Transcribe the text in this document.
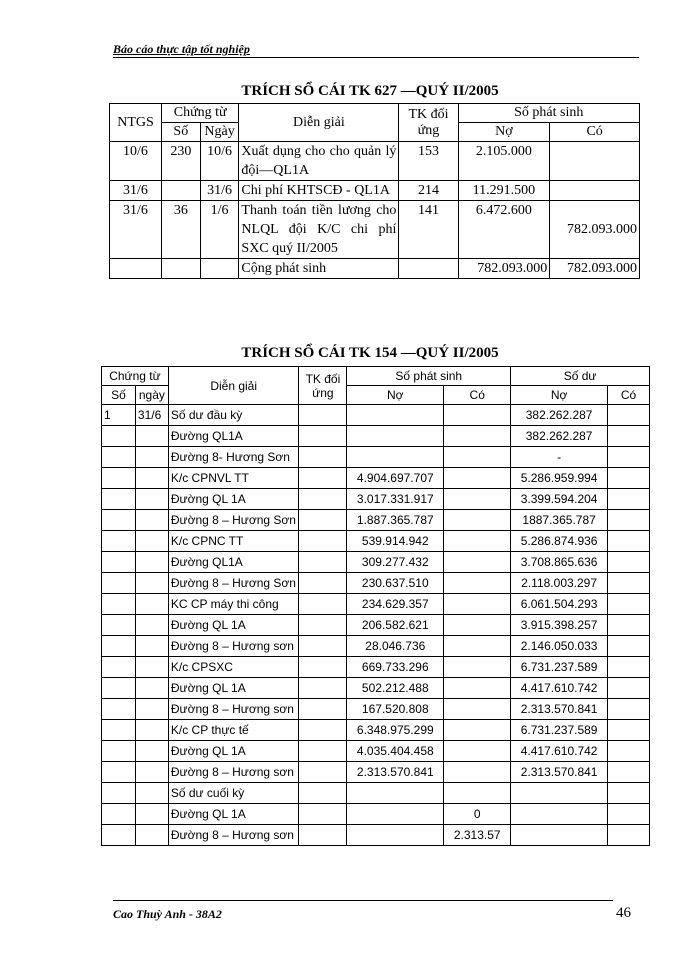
Báo cáo thực tập tốt nghiệp
TRÍCH SỔ CÁI TK 627 —QUÝ II/2005
NTGS	Chứng từ		Diễn giải	TK đối ứng	Số phát sinh	
	Số	Ngày			Nợ	Có
10/6	230	10/6	Xuất dụng cho cho quản lý đội—QL1A	153	2.105.000	
31/6		31/6	Chi phí KHTSCĐ - QL1A	214	11.291.500	
31/6	36	1/6	Thanh toán tiền lương cho NLQL đội K/C chi phí SXC quý II/2005	141	6.472.600	782.093.000
			Cộng phát sinh		782.093.000	782.093.000
TRÍCH SỔ CÁI TK 154 —QUÝ II/2005
Chứng từ		Diễn giải	TK đối ứng	Số phát sinh		Số dư	
Số	ngày			Nợ	Có	Nợ	Có
1	31/6	Số dư đầu kỳ				382.262.287	
		Đường QL1A				382.262.287	
		Đường 8- Hương Sơn				-	
		K/c CPNVL TT		4.904.697.707		5.286.959.994	
		Đường QL 1A		3.017.331.917		3.399.594.204	
		Đường 8 – Hương Sơn		1.887.365.787		1887.365.787	
		K/c CPNC TT		539.914.942		5.286.874.936	
		Đường QL1A		309.277.432		3.708.865.636	
		Đường 8 – Hương Sơn		230.637.510		2.118.003.297	
		KC CP máy thi công		234.629.357		6.061.504.293	
		Đường QL 1A		206.582.621		3.915.398.257	
		Đường 8 – Hương sơn		28.046.736		2.146.050.033	
		K/c CPSXC		669.733.296		6.731.237.589	
		Đường QL 1A		502.212.488		4.417.610.742	
		Đường 8 – Hương sơn		167.520.808		2.313.570.841	
		K/c CP thực tế		6.348.975.299		6.731.237.589	
		Đường QL 1A		4.035.404.458		4.417.610.742	
		Đường 8 – Hương sơn		2.313.570.841		2.313.570.841	
		Số dư cuối kỳ					
		Đường QL 1A			0		
		Đường 8 – Hương sơn			2.313.57		
Cao Thuỳ Anh - 38A2	46
